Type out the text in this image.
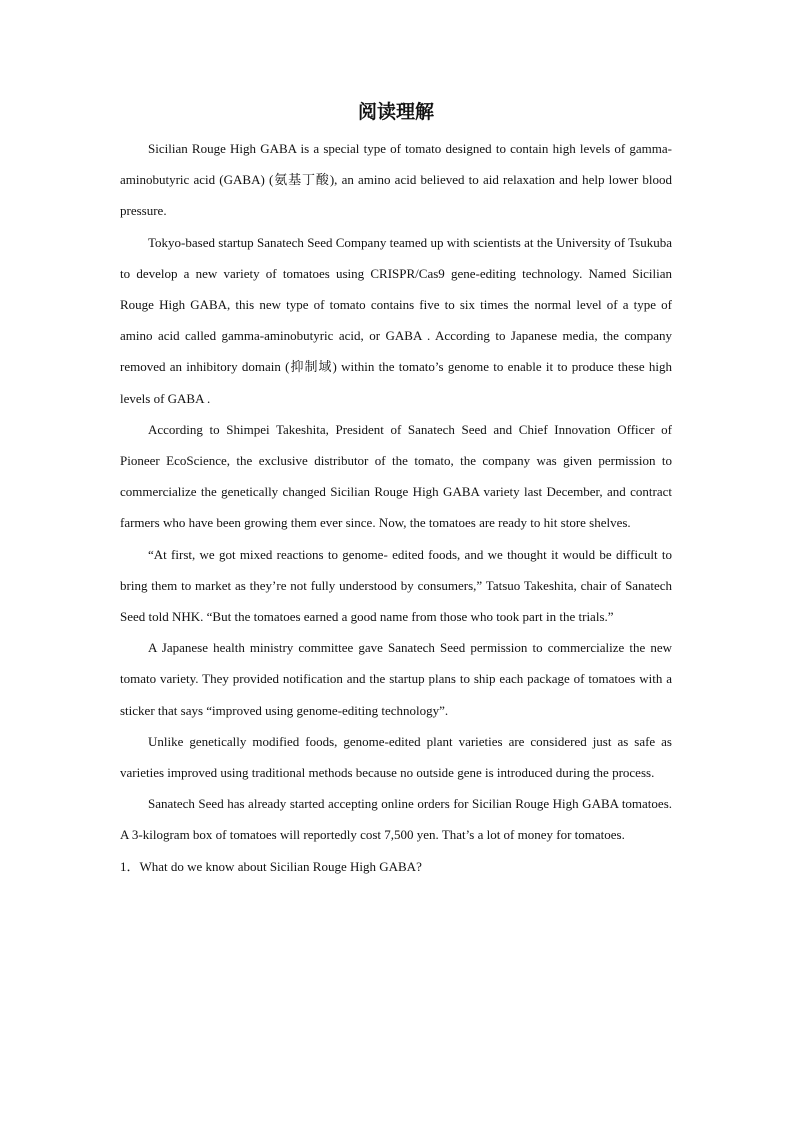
阅读理解

Sicilian Rouge High GABA is a special type of tomato designed to contain high levels of gamma-aminobutyric acid (GABA) (氨基丁酸), an amino acid believed to aid relaxation and help lower blood pressure.

Tokyo-based startup Sanatech Seed Company teamed up with scientists at the University of Tsukuba to develop a new variety of tomatoes using CRISPR/Cas9 gene-editing technology. Named Sicilian Rouge High GABA, this new type of tomato contains five to six times the normal level of a type of amino acid called gamma-aminobutyric acid, or GABA . According to Japanese media, the company removed an inhibitory domain (抑制域) within the tomato’s genome to enable it to produce these high levels of GABA .

According to Shimpei Takeshita, President of Sanatech Seed and Chief Innovation Officer of Pioneer EcoScience, the exclusive distributor of the tomato, the company was given permission to commercialize the genetically changed Sicilian Rouge High GABA variety last December, and contract farmers who have been growing them ever since. Now, the tomatoes are ready to hit store shelves.

“At first, we got mixed reactions to genome- edited foods, and we thought it would be difficult to bring them to market as they’re not fully understood by consumers,” Tatsuo Takeshita, chair of Sanatech Seed told NHK. “But the tomatoes earned a good name from those who took part in the trials.”

A Japanese health ministry committee gave Sanatech Seed permission to commercialize the new tomato variety. They provided notification and the startup plans to ship each package of tomatoes with a sticker that says “improved using genome-editing technology”.

Unlike genetically modified foods, genome-edited plant varieties are considered just as safe as varieties improved using traditional methods because no outside gene is introduced during the process.

Sanatech Seed has already started accepting online orders for Sicilian Rouge High GABA tomatoes. A 3-kilogram box of tomatoes will reportedly cost 7,500 yen. That’s a lot of money for tomatoes.

1．What do we know about Sicilian Rouge High GABA?
